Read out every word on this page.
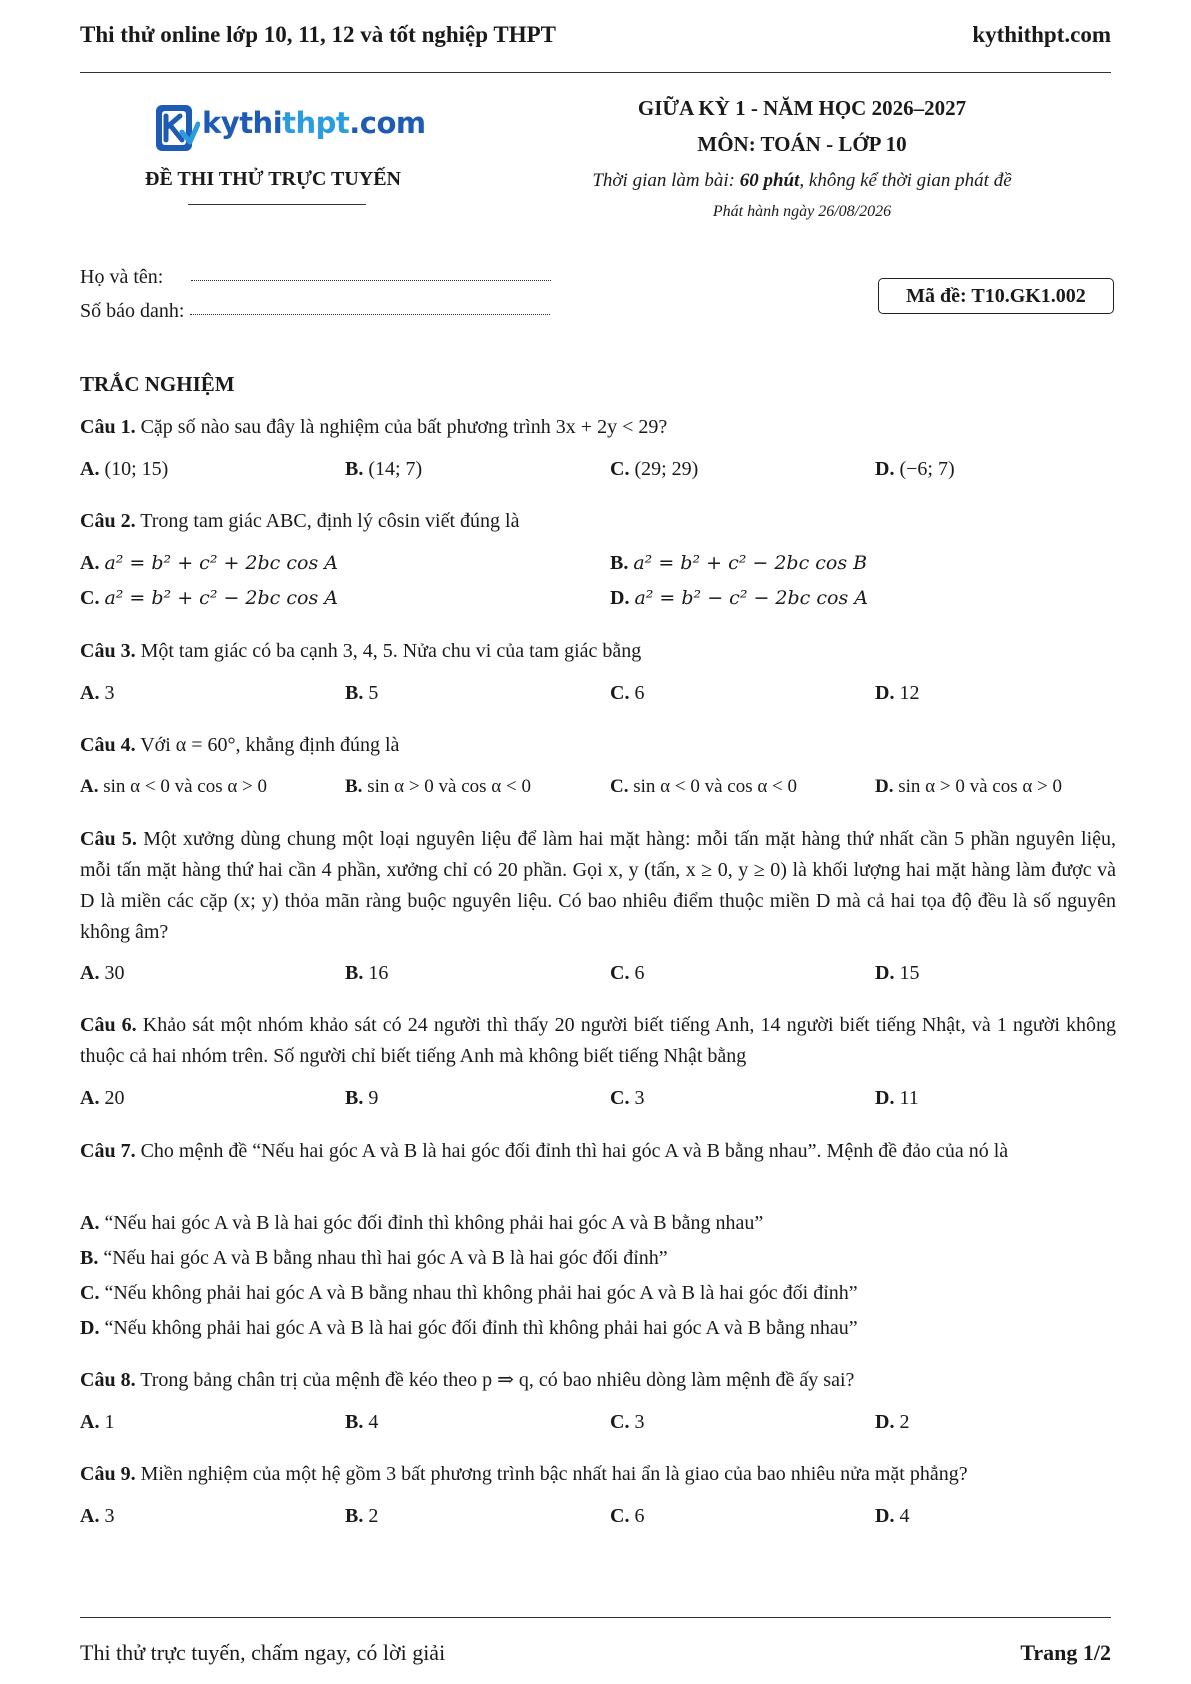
Thi thử online lớp 10, 11, 12 và tốt nghiệp THPT	kythithpt.com
kythithpt.com
ĐỀ THI THỬ TRỰC TUYẾN
GIỮA KỲ 1 - NĂM HỌC 2026–2027
MÔN: TOÁN - LỚP 10
Thời gian làm bài: 60 phút, không kể thời gian phát đề
Phát hành ngày 26/08/2026
Họ và tên:
Số báo danh:
Mã đề: T10.GK1.002
TRẮC NGHIỆM
Câu 1. Cặp số nào sau đây là nghiệm của bất phương trình 3x + 2y < 29?
A. (10; 15)	B. (14; 7)	C. (29; 29)	D. (−6; 7)
Câu 2. Trong tam giác ABC, định lý côsin viết đúng là
A. a² = b² + c² + 2bc cos A	B. a² = b² + c² − 2bc cos B
C. a² = b² + c² − 2bc cos A	D. a² = b² − c² − 2bc cos A
Câu 3. Một tam giác có ba cạnh 3, 4, 5. Nửa chu vi của tam giác bằng
A. 3	B. 5	C. 6	D. 12
Câu 4. Với α = 60°, khẳng định đúng là
A. sin α < 0 và cos α > 0	B. sin α > 0 và cos α < 0	C. sin α < 0 và cos α < 0	D. sin α > 0 và cos α > 0
Câu 5. Một xưởng dùng chung một loại nguyên liệu để làm hai mặt hàng: mỗi tấn mặt hàng thứ nhất cần 5 phần nguyên liệu, mỗi tấn mặt hàng thứ hai cần 4 phần, xưởng chỉ có 20 phần. Gọi x, y (tấn, x ≥ 0, y ≥ 0) là khối lượng hai mặt hàng làm được và D là miền các cặp (x; y) thỏa mãn ràng buộc nguyên liệu. Có bao nhiêu điểm thuộc miền D mà cả hai tọa độ đều là số nguyên không âm?
A. 30	B. 16	C. 6	D. 15
Câu 6. Khảo sát một nhóm khảo sát có 24 người thì thấy 20 người biết tiếng Anh, 14 người biết tiếng Nhật, và 1 người không thuộc cả hai nhóm trên. Số người chỉ biết tiếng Anh mà không biết tiếng Nhật bằng
A. 20	B. 9	C. 3	D. 11
Câu 7. Cho mệnh đề “Nếu hai góc A và B là hai góc đối đỉnh thì hai góc A và B bằng nhau”. Mệnh đề đảo của nó là
A. “Nếu hai góc A và B là hai góc đối đỉnh thì không phải hai góc A và B bằng nhau”
B. “Nếu hai góc A và B bằng nhau thì hai góc A và B là hai góc đối đỉnh”
C. “Nếu không phải hai góc A và B bằng nhau thì không phải hai góc A và B là hai góc đối đỉnh”
D. “Nếu không phải hai góc A và B là hai góc đối đỉnh thì không phải hai góc A và B bằng nhau”
Câu 8. Trong bảng chân trị của mệnh đề kéo theo p ⇒ q, có bao nhiêu dòng làm mệnh đề ấy sai?
A. 1	B. 4	C. 3	D. 2
Câu 9. Miền nghiệm của một hệ gồm 3 bất phương trình bậc nhất hai ẩn là giao của bao nhiêu nửa mặt phẳng?
A. 3	B. 2	C. 6	D. 4
Thi thử trực tuyến, chấm ngay, có lời giải	Trang 1/2
